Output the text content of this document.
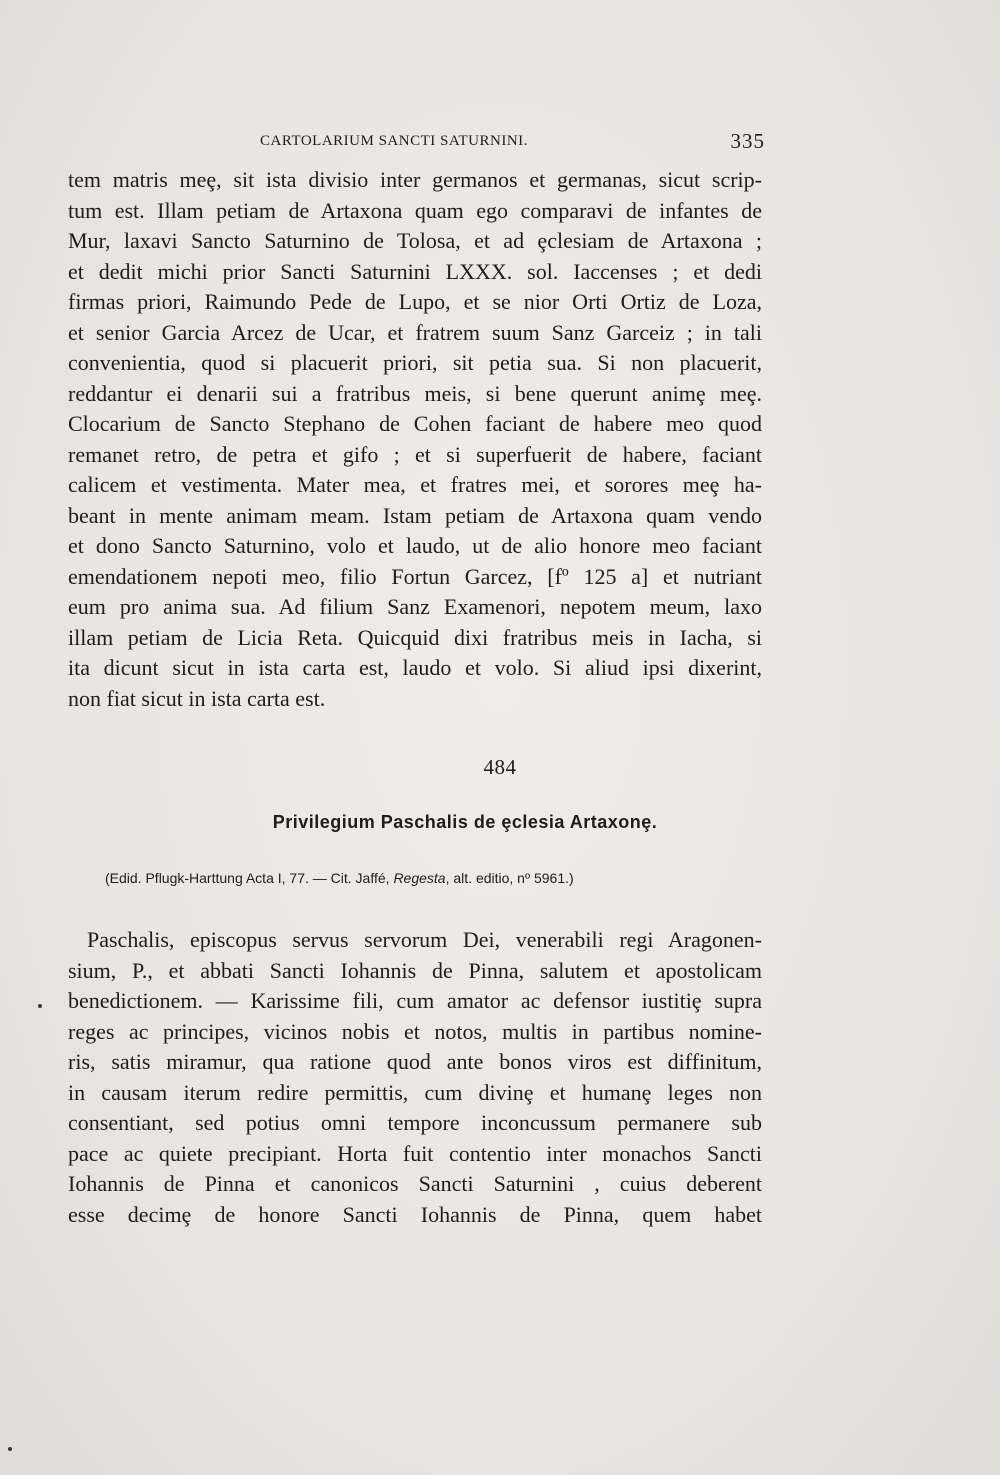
CARTOLARIUM SANCTI SATURNINI.	335
tem matris meȩ, sit ista divisio inter germanos et germanas, sicut scrip-
tum est. Illam petiam de Artaxona quam ego comparavi de infantes de
Mur, laxavi Sancto Saturnino de Tolosa, et ad ȩclesiam de Artaxona ;
et dedit michi prior Sancti Saturnini LXXX. sol. Iaccenses ; et dedi
firmas priori, Raimundo Pede de Lupo, et se nior Orti Ortiz de Loza,
et senior Garcia Arcez de Ucar, et fratrem suum Sanz Garceiz ; in tali
convenientia, quod si placuerit priori, sit petia sua. Si non placuerit,
reddantur ei denarii sui a fratribus meis, si bene querunt animȩ meȩ.
Clocarium de Sancto Stephano de Cohen faciant de habere meo quod
remanet retro, de petra et gifo ; et si superfuerit de habere, faciant
calicem et vestimenta. Mater mea, et fratres mei, et sorores meȩ ha-
beant in mente animam meam. Istam petiam de Artaxona quam vendo
et dono Sancto Saturnino, volo et laudo, ut de alio honore meo faciant
emendationem nepoti meo, filio Fortun Garcez, [fº 125 a] et nutriant
eum pro anima sua. Ad filium Sanz Examenori, nepotem meum, laxo
illam petiam de Licia Reta. Quicquid dixi fratribus meis in Iacha, si
ita dicunt sicut in ista carta est, laudo et volo. Si aliud ipsi dixerint,
non fiat sicut in ista carta est.
484
Privilegium Paschalis de ȩclesia Artaxonȩ.
(Edid. Pflugk-Harttung Acta I, 77. — Cit. Jaffé, Regesta, alt. editio, nº 5961.)
Paschalis, episcopus servus servorum Dei, venerabili regi Aragonen-
sium, P., et abbati Sancti Iohannis de Pinna, salutem et apostolicam
benedictionem. — Karissime fili, cum amator ac defensor iustitiȩ supra
reges ac principes, vicinos nobis et notos, multis in partibus nomine-
ris, satis miramur, qua ratione quod ante bonos viros est diffinitum,
in causam iterum redire permittis, cum divinȩ et humanȩ leges non
consentiant, sed potius omni tempore inconcussum permanere sub
pace ac quiete precipiant. Horta fuit contentio inter monachos Sancti
Iohannis de Pinna et canonicos Sancti Saturnini , cuius deberent
esse decimȩ de honore Sancti Iohannis de Pinna, quem habet
